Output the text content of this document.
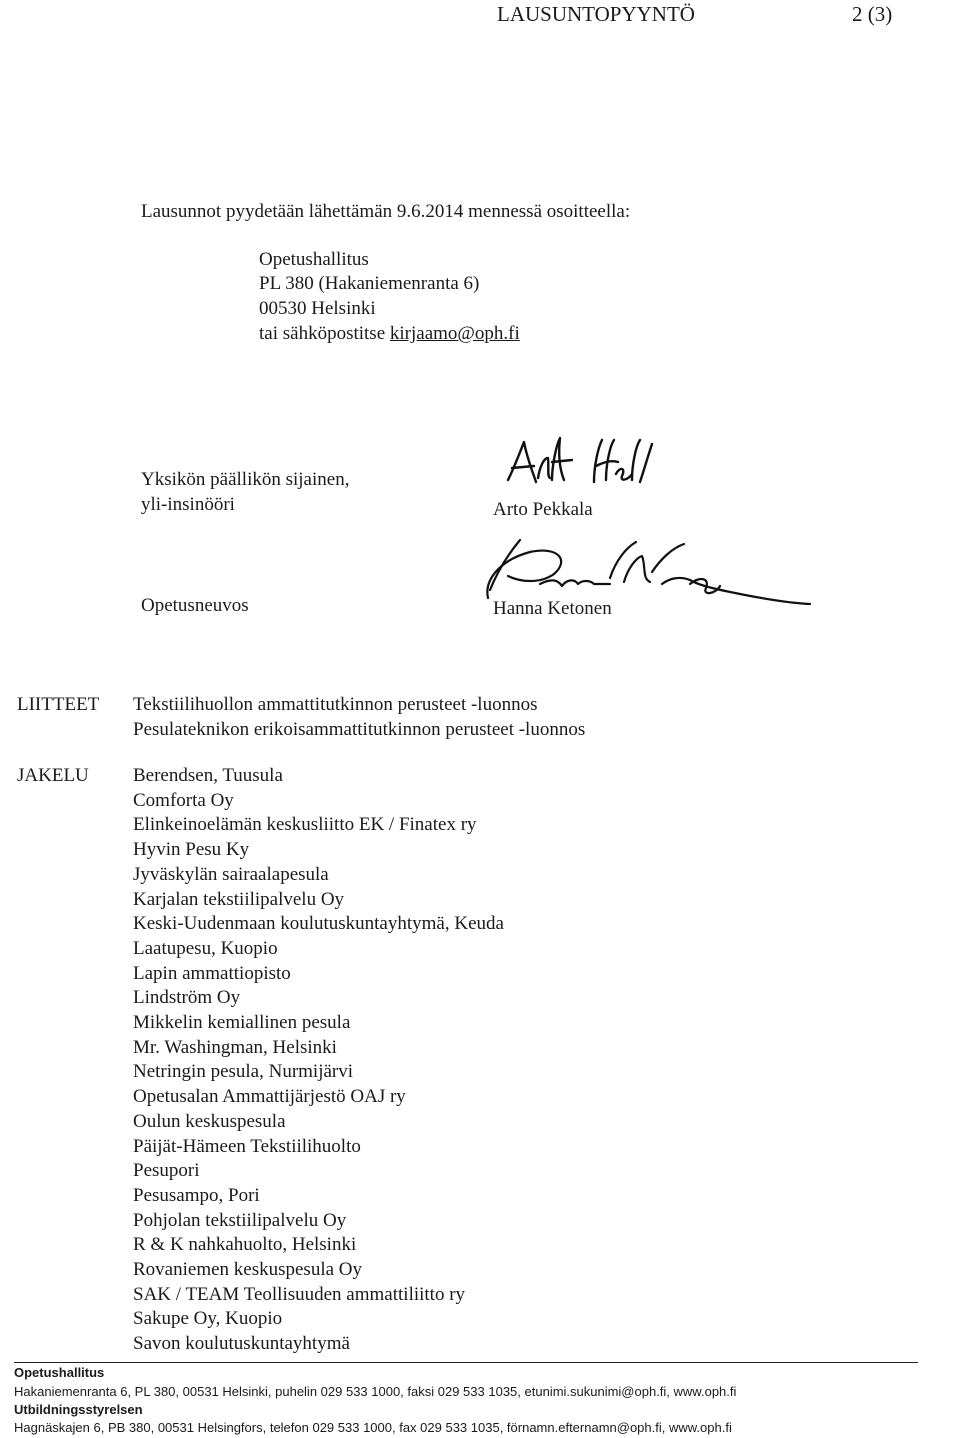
LAUSUNTOPYYNTÖ	2 (3)
Lausunnot pyydetään lähettämän 9.6.2014 mennessä osoitteella:
Opetushallitus
PL 380 (Hakaniemenranta 6)
00530 Helsinki
tai sähköpostitse kirjaamo@oph.fi
Yksikön päällikön sijainen,
yli-insinööri	Arto Pekkala
Opetusneuvos	Hanna Ketonen
LIITTEET Tekstiilihuollon ammattitutkinnon perusteet -luonnos
Pesulateknikon erikoisammattitutkinnon perusteet -luonnos
JAKELU Berendsen, Tuusula
Comforta Oy
Elinkeinoelämän keskusliitto EK / Finatex ry
Hyvin Pesu Ky
Jyväskylän sairaalapesula
Karjalan tekstiilipalvelu Oy
Keski-Uudenmaan koulutuskuntayhtymä, Keuda
Laatupesu, Kuopio
Lapin ammattiopisto
Lindström Oy
Mikkelin kemiallinen pesula
Mr. Washingman, Helsinki
Netringin pesula, Nurmijärvi
Opetusalan Ammattijärjestö OAJ ry
Oulun keskuspesula
Päijät-Hämeen Tekstiilihuolto
Pesupori
Pesusampo, Pori
Pohjolan tekstiilipalvelu Oy
R & K nahkahuolto, Helsinki
Rovaniemen keskuspesula Oy
SAK / TEAM Teollisuuden ammattiliitto ry
Sakupe Oy, Kuopio
Savon koulutuskuntayhtymä
Opetushallitus
Hakaniemenranta 6, PL 380, 00531 Helsinki, puhelin 029 533 1000, faksi 029 533 1035, etunimi.sukunimi@oph.fi, www.oph.fi
Utbildningsstyrelsen
Hagnäskajen 6, PB 380, 00531 Helsingfors, telefon 029 533 1000, fax 029 533 1035, förnamn.efternamn@oph.fi, www.oph.fi
